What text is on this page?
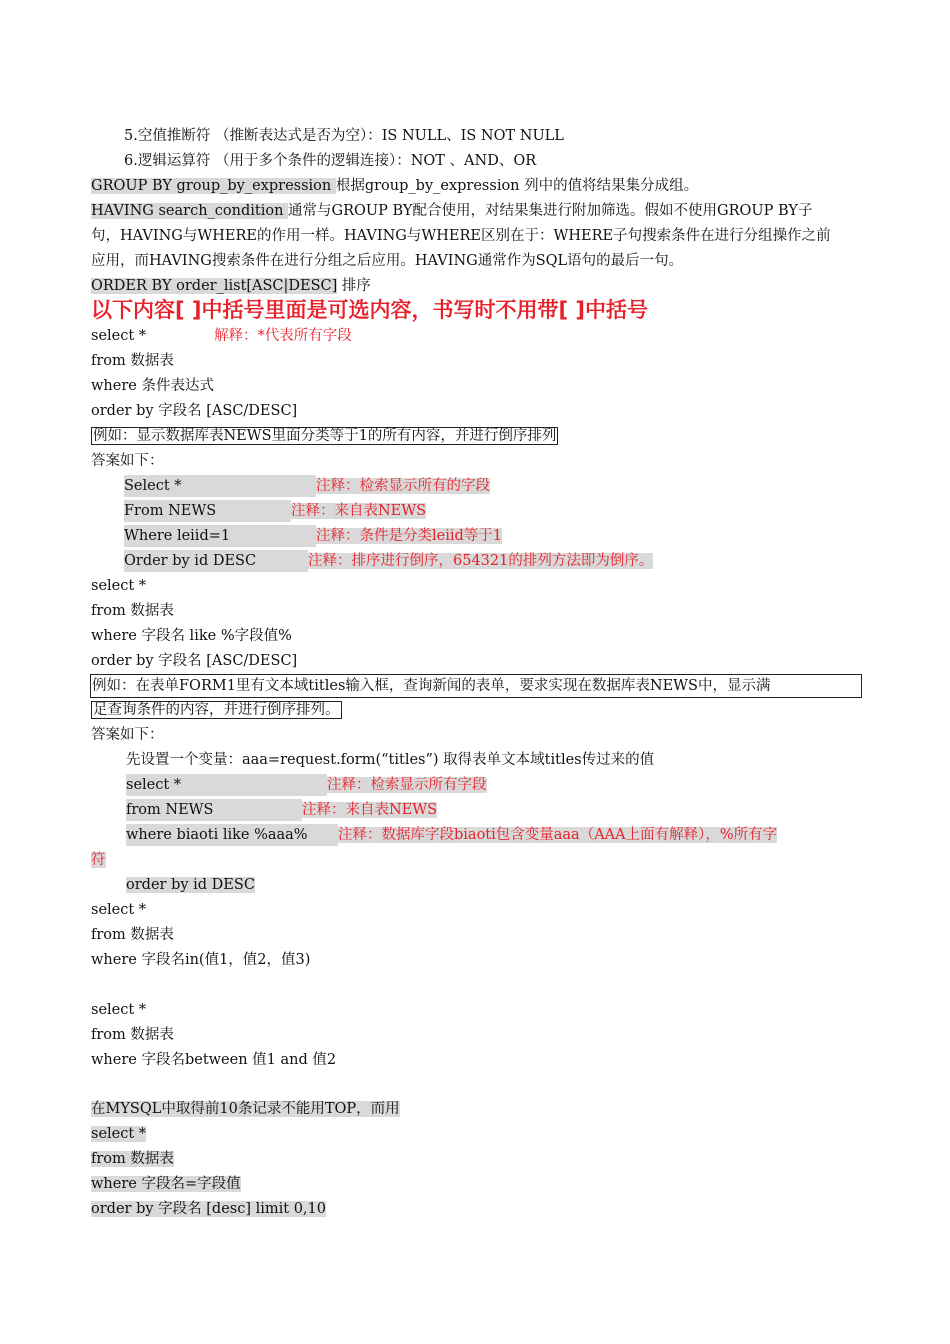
5.空值推断符 （推断表达式是否为空）：IS NULL、IS NOT NULL
6.逻辑运算符 （用于多个条件的逻辑连接）：NOT 、AND、OR
GROUP BY group_by_expression 根据group_by_expression 列中的值将结果集分成组。
HAVING search_condition 通常与GROUP BY配合使用，对结果集进行附加筛选。假如不使用GROUP BY子
句，HAVING与WHERE的作用一样。HAVING与WHERE区别在于：WHERE子句搜索条件在进行分组操作之前
应用，而HAVING搜索条件在进行分组之后应用。HAVING通常作为SQL语句的最后一句。
ORDER BY order_list[ASC|DESC] 排序
以下内容[ ]中括号里面是可选内容，书写时不用带[ ]中括号
select *	解释：*代表所有字段
from 数据表
where 条件表达式
order by 字段名 [ASC/DESC]
例如：显示数据库表NEWS里面分类等于1的所有内容，并进行倒序排列
答案如下：
Select *	注释：检索显示所有的字段
From NEWS	注释：来自表NEWS
Where leiid=1	注释：条件是分类leiid等于1
Order by id DESC	注释：排序进行倒序，654321的排列方法即为倒序。
select *
from 数据表
where 字段名 like %字段值%
order by 字段名 [ASC/DESC]
例如：在表单FORM1里有文本域titles输入框，查询新闻的表单，要求实现在数据库表NEWS中，显示满
足查询条件的内容，并进行倒序排列。
答案如下：
先设置一个变量：aaa=request.form(“titles”) 取得表单文本域titles传过来的值
select *	注释：检索显示所有字段
from NEWS	注释：来自表NEWS
where biaoti like %aaa% 注释：数据库字段biaoti包含变量aaa（AAA上面有解释），%所有字
符
order by id DESC
select *
from 数据表
where 字段名in(值1，值2，值3)
select *
from 数据表
where 字段名between 值1 and 值2
在MYSQL中取得前10条记录不能用TOP，而用
select *
from 数据表
where 字段名=字段值
order by 字段名 [desc] limit 0,10
